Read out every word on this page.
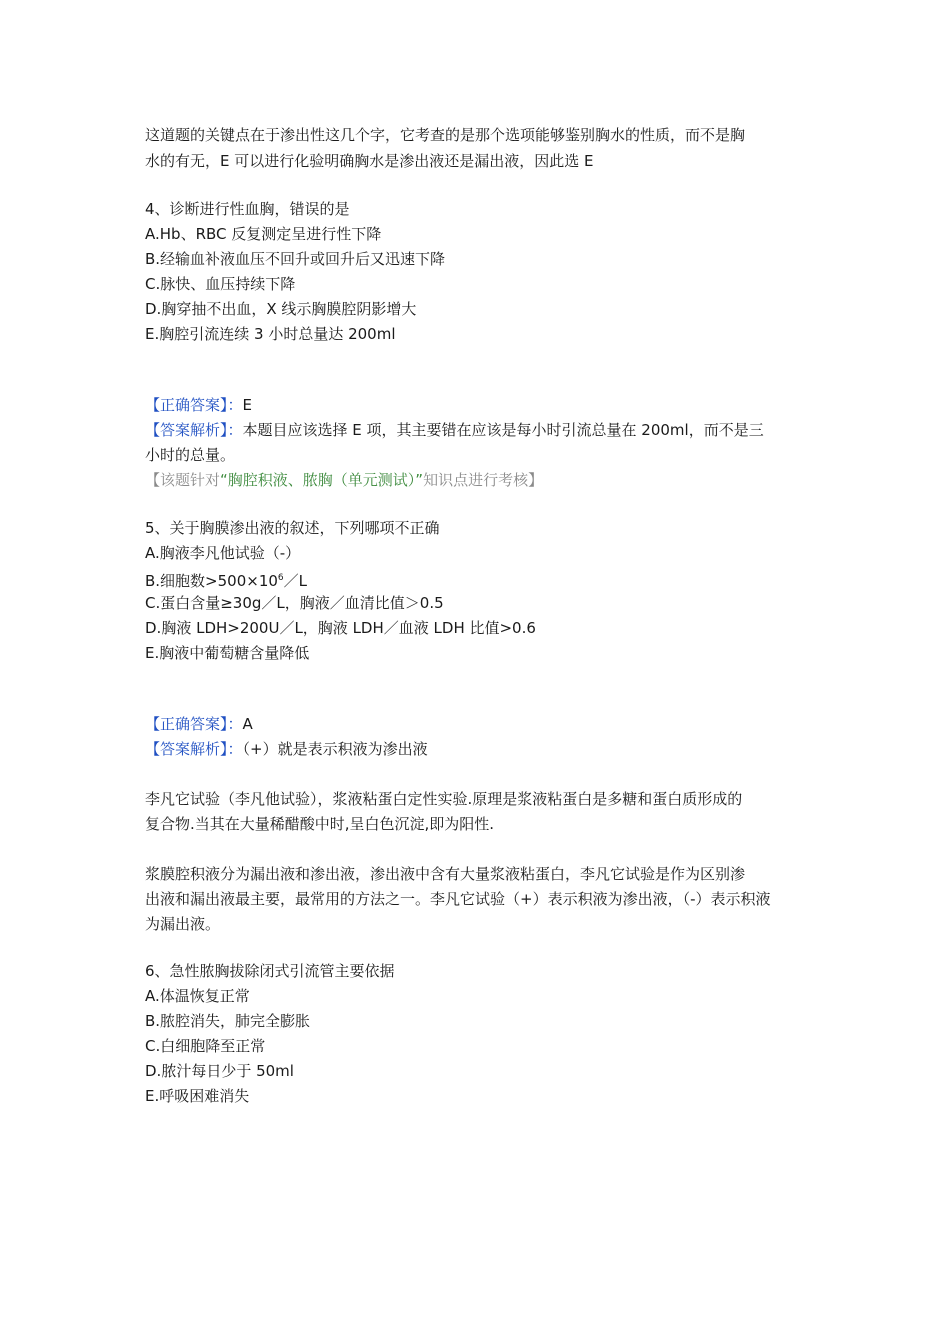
这道题的关键点在于渗出性这几个字，它考查的是那个选项能够鉴别胸水的性质，而不是胸
水的有无，E 可以进行化验明确胸水是渗出液还是漏出液，因此选 E
4、诊断进行性血胸，错误的是
A.Hb、RBC 反复测定呈进行性下降
B.经输血补液血压不回升或回升后又迅速下降
C.脉快、血压持续下降
D.胸穿抽不出血，X 线示胸膜腔阴影增大
E.胸腔引流连续 3 小时总量达 200ml
【正确答案】：E
【答案解析】：本题目应该选择 E 项，其主要错在应该是每小时引流总量在 200ml，而不是三
小时的总量。
【该题针对“胸腔积液、脓胸（单元测试）”知识点进行考核】
5、关于胸膜渗出液的叙述，下列哪项不正确
A.胸液李凡他试验（-）
B.细胞数$>500\times 10^6/L$
C.蛋白含量≥30g／L，胸液／血清比值＞0.5
D.胸液 LDH>200U／L，胸液 LDH／血液 LDH 比值>0.6
E.胸液中葡萄糖含量降低
【正确答案】：A
【答案解析】：（+）就是表示积液为渗出液
李凡它试验（李凡他试验），浆液粘蛋白定性实验.原理是浆液粘蛋白是多糖和蛋白质形成的
复合物.当其在大量稀醋酸中时,呈白色沉淀,即为阳性.
浆膜腔积液分为漏出液和渗出液，渗出液中含有大量浆液粘蛋白，李凡它试验是作为区别渗
出液和漏出液最主要，最常用的方法之一。李凡它试验（+）表示积液为渗出液，（-）表示积液
为漏出液。
6、急性脓胸拔除闭式引流管主要依据
A.体温恢复正常
B.脓腔消失，肺完全膨胀
C.白细胞降至正常
D.脓汁每日少于 50ml
E.呼吸困难消失
